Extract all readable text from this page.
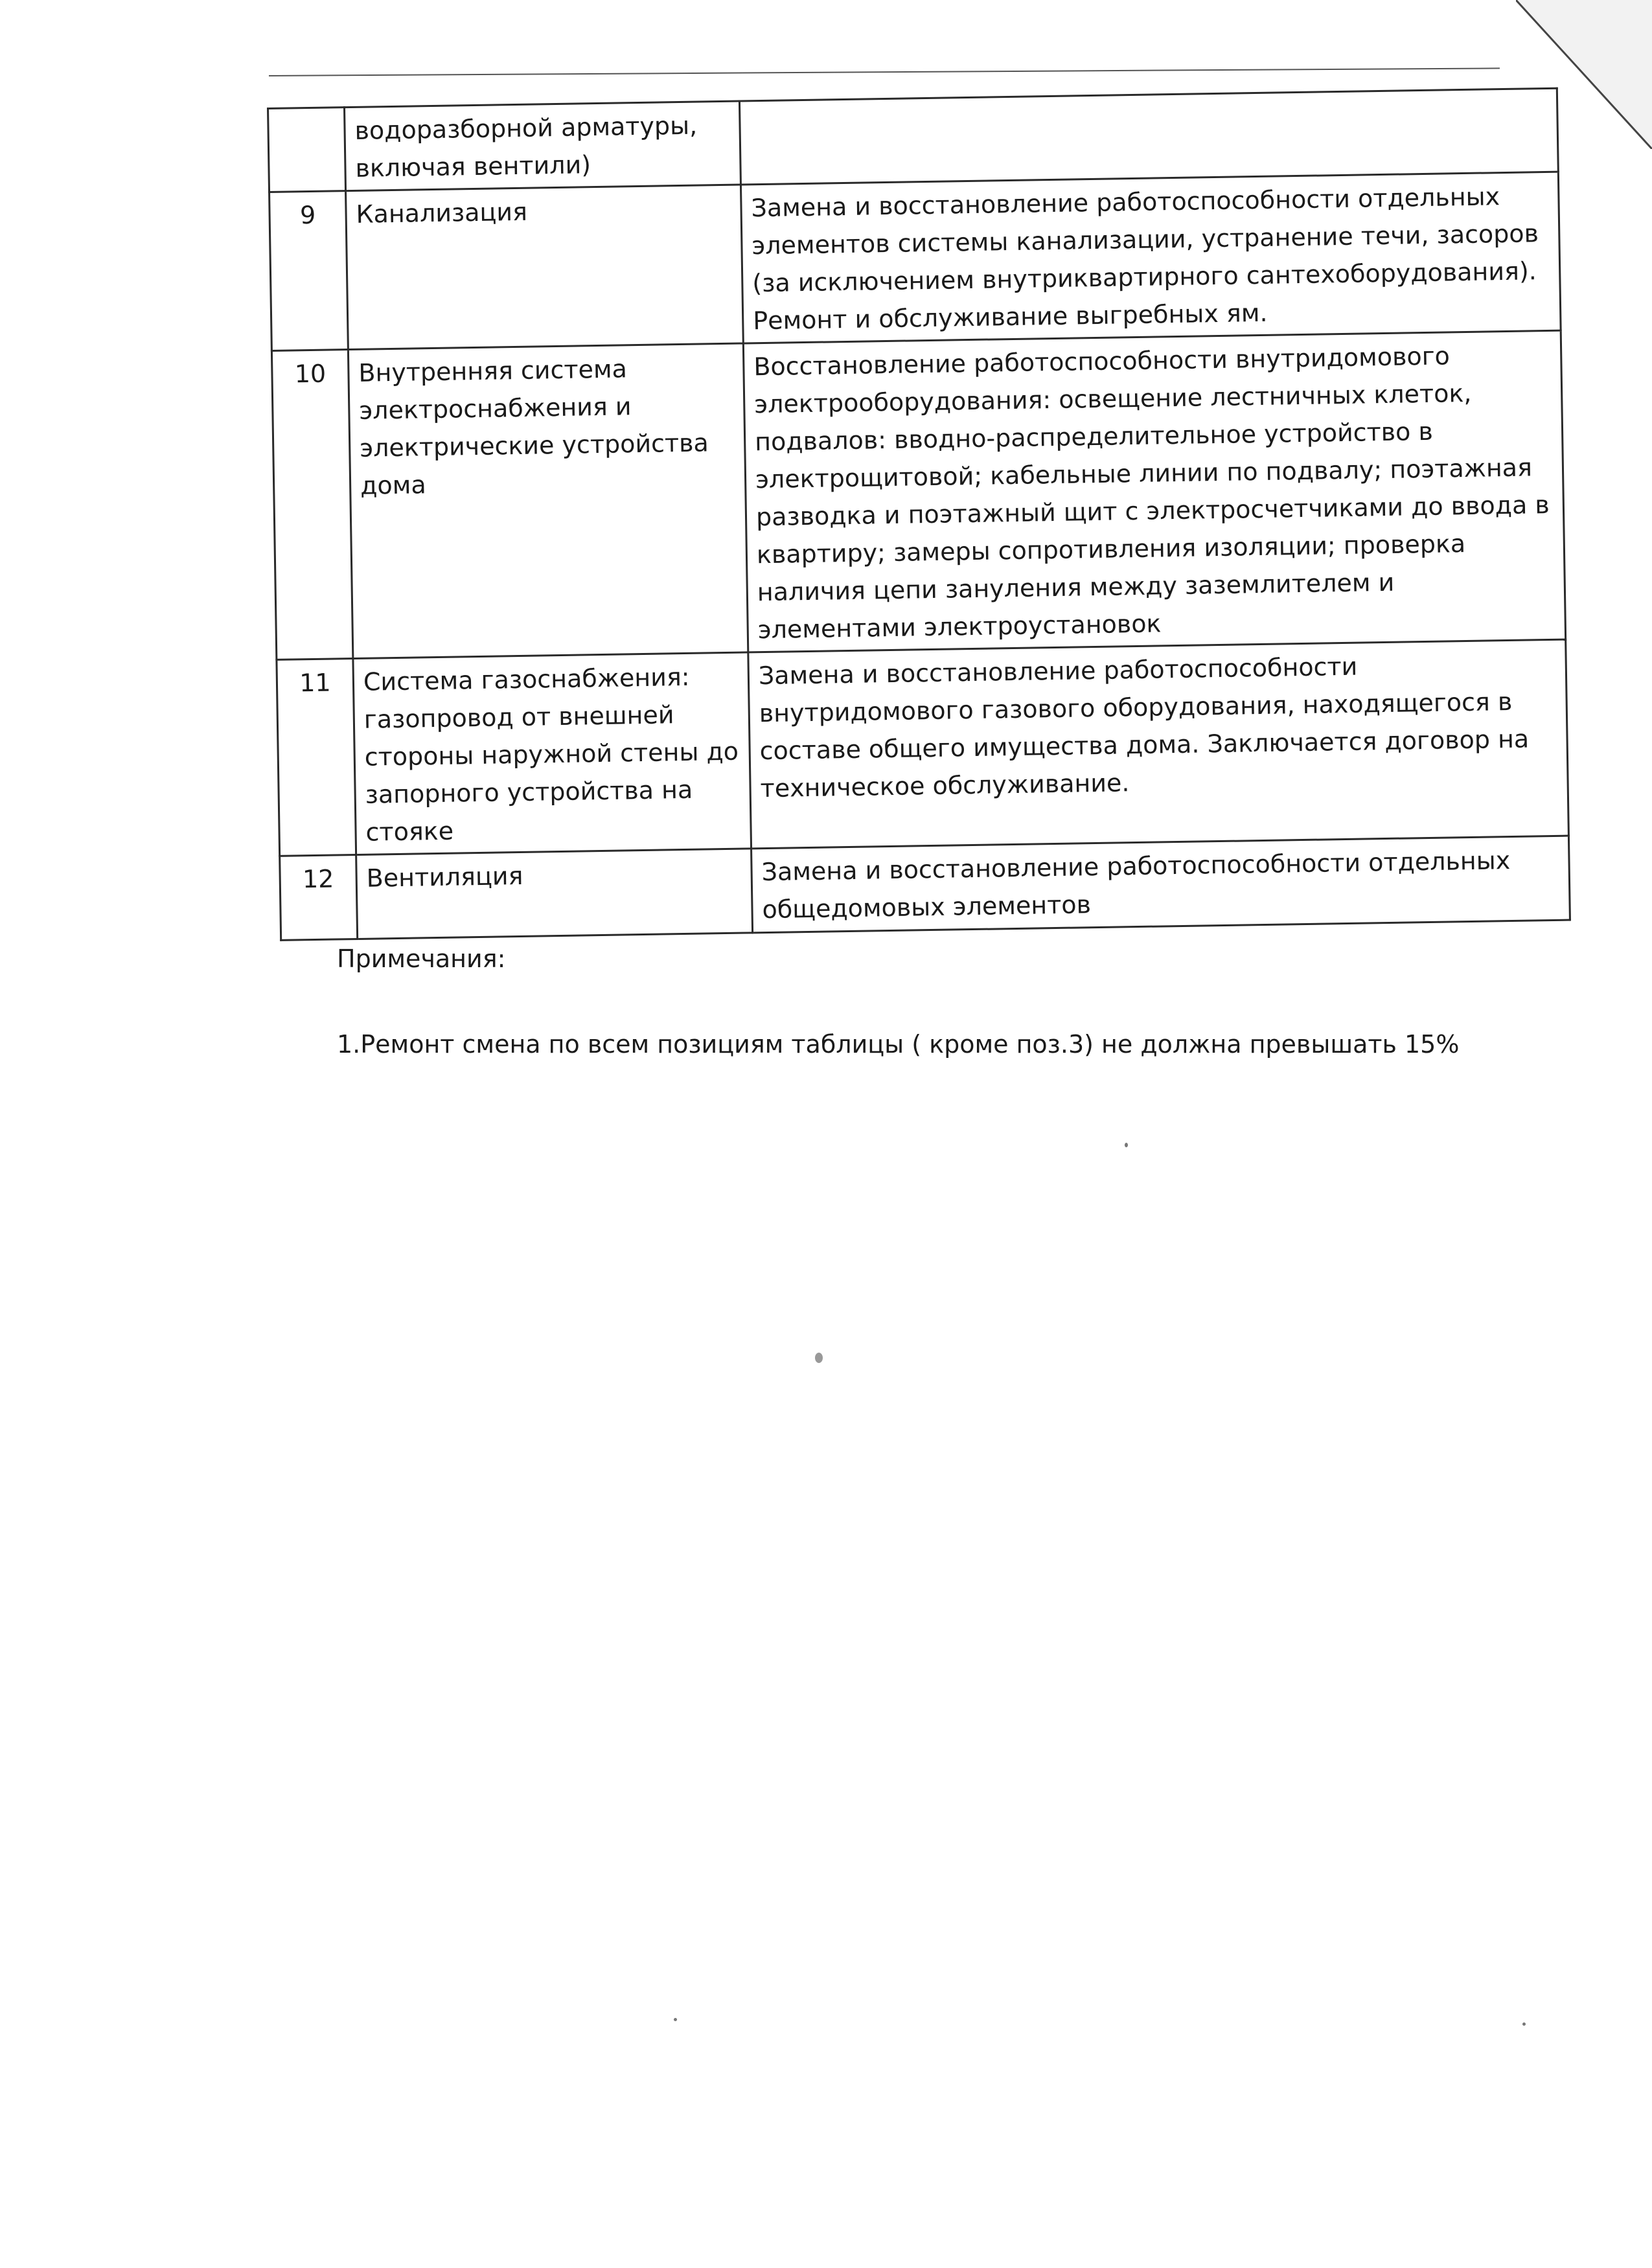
	водоразборной арматуры, включая вентили)	
9	Канализация	Замена и восстановление работоспособности отдельных элементов системы канализации, устранение течи, засоров (за исключением внутриквартирного сантехоборудования). Ремонт и обслуживание выгребных ям.
10	Внутренняя система электроснабжения и электрические устройства дома	Восстановление работоспособности внутридомового электрооборудования: освещение лестничных клеток, подвалов: вводно-распределительное устройство в электрощитовой; кабельные линии по подвалу; поэтажная разводка и поэтажный щит с электросчетчиками до ввода в квартиру; замеры сопротивления изоляции; проверка наличия цепи зануления между заземлителем и элементами электроустановок
11	Система газоснабжения: газопровод от внешней стороны наружной стены до запорного устройства на стояке	Замена и восстановление работоспособности внутридомового газового оборудования, находящегося в составе общего имущества дома. Заключается договор на техническое обслуживание.
12	Вентиляция	Замена и восстановление работоспособности отдельных общедомовых элементов

Примечания:

1.Ремонт смена по всем позициям таблицы ( кроме поз.3) не должна превышать 15%
